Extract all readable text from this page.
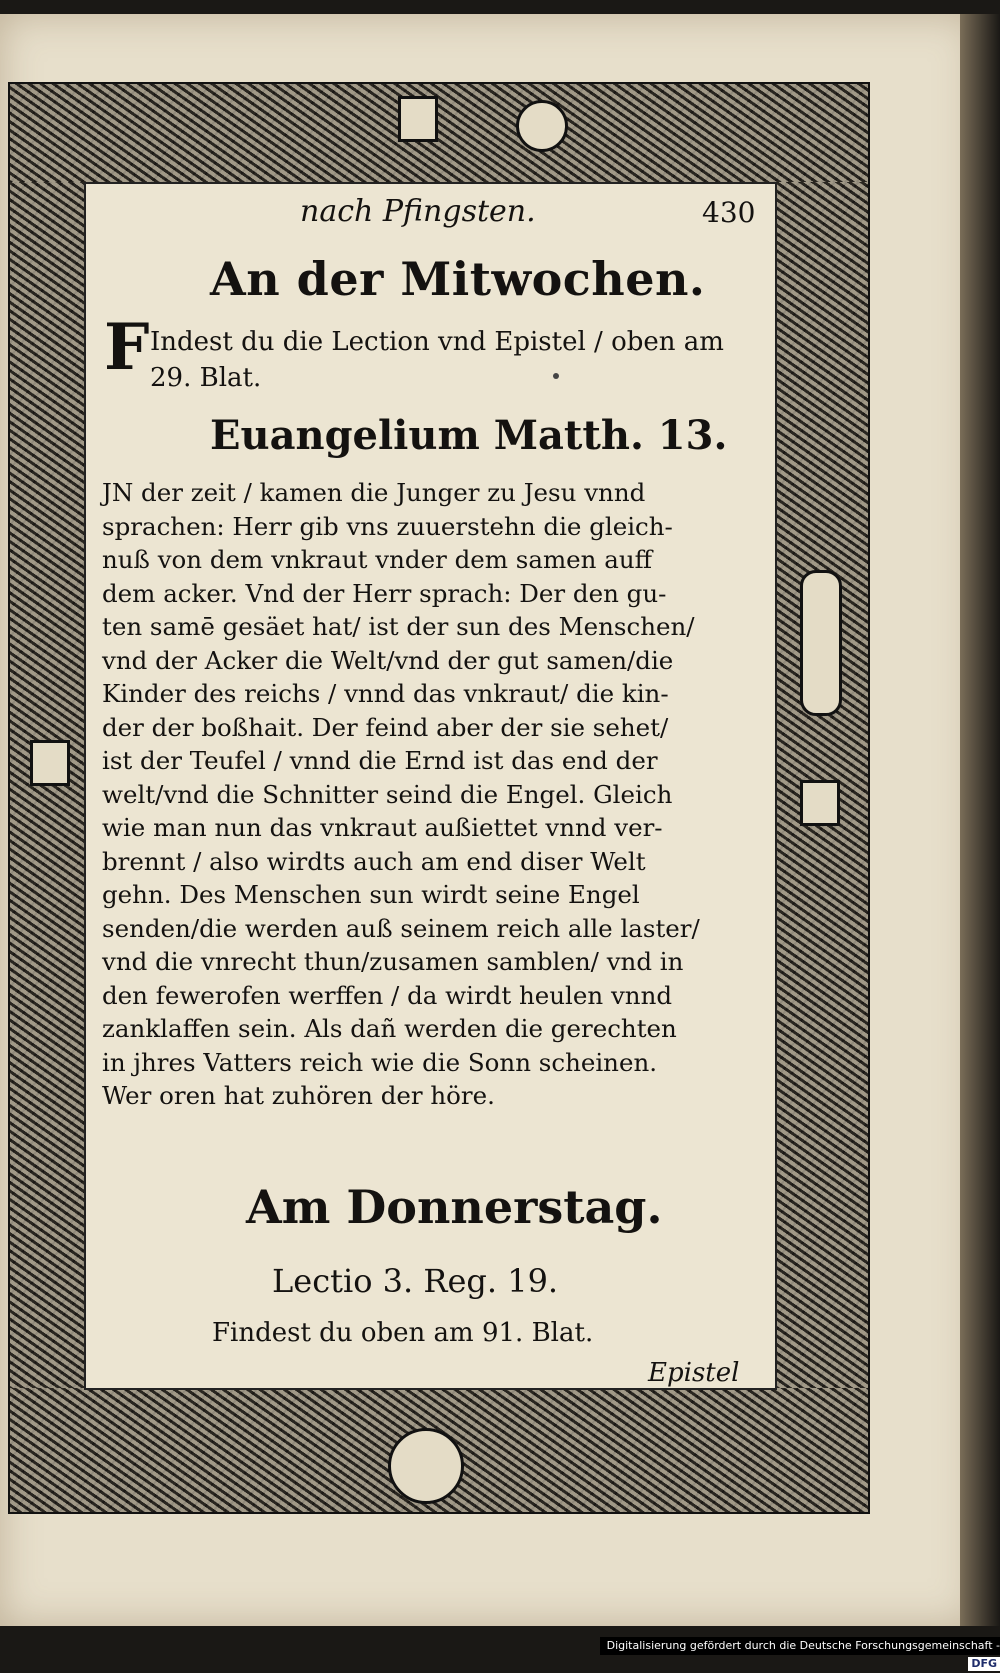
nach Pfingsten.	430
An der Mitwochen.
F Indest du die Lection vnd Epistel / oben am
29. Blat.
Euangelium Matth. 13.
JN der zeit / kamen die Junger zu Jesu vnnd
sprachen: Herr gib vns zuuerstehn die gleich-
nuß von dem vnkraut vnder dem samen auff
dem acker. Vnd der Herr sprach: Der den gu-
ten samē gesäet hat/ ist der sun des Menschen/
vnd der Acker die Welt/vnd der gut samen/die
Kinder des reichs / vnnd das vnkraut/ die kin-
der der boßhait. Der feind aber der sie sehet/
ist der Teufel / vnnd die Ernd ist das end der
welt/vnd die Schnitter seind die Engel. Gleich
wie man nun das vnkraut außiettet vnnd ver-
brennt / also wirdts auch am end diser Welt
gehn. Des Menschen sun wirdt seine Engel
senden/die werden auß seinem reich alle laster/
vnd die vnrecht thun/zusamen samblen/ vnd in
den fewerofen werffen / da wirdt heulen vnnd
zanklaffen sein. Als dañ werden die gerechten
in jhres Vatters reich wie die Sonn scheinen.
Wer oren hat zuhören der höre.
Am Donnerstag.
Lectio 3. Reg. 19.
Findest du oben am 91. Blat.
Epistel
Digitalisierung gefördert durch die Deutsche Forschungsgemeinschaft -DFG
